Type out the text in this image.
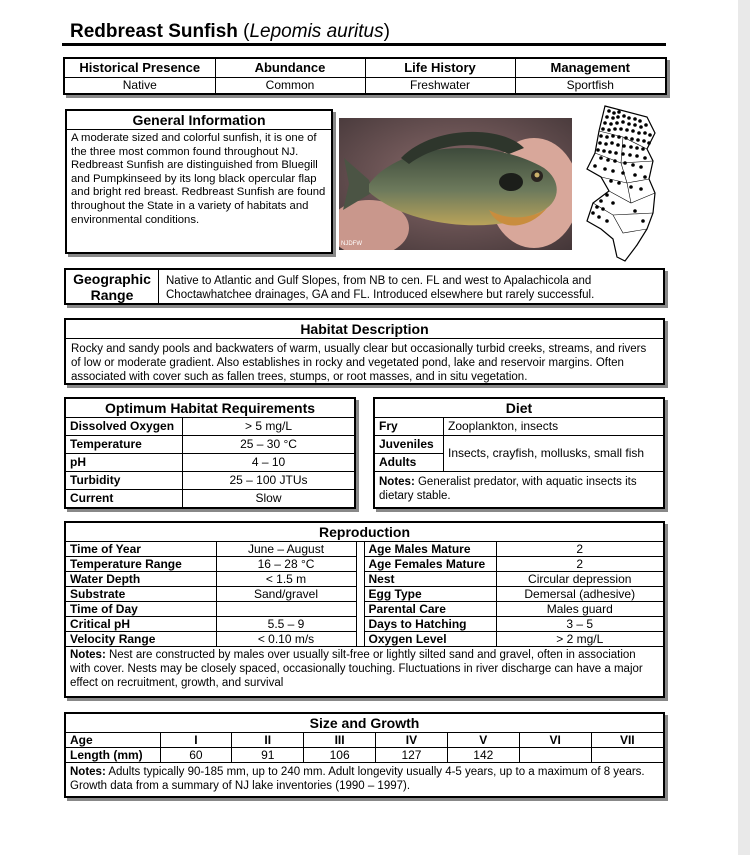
Redbreast Sunfish (Lepomis auritus)
Historical Presence	Abundance	Life History	Management
Native	Common	Freshwater	Sportfish
General Information
A moderate sized and colorful sunfish, it is one of the three most common found throughout NJ. Redbreast Sunfish are distinguished from Bluegill and Pumpkinseed by its long black opercular flap and bright red breast. Redbreast Sunfish are found throughout the State in a variety of habitats and environmental conditions.
NJDFW
Geographic
Range
Native to Atlantic and Gulf Slopes, from NB to cen. FL and west to Apalachicola and Choctawhatchee drainages, GA and FL. Introduced elsewhere but rarely successful.
Habitat Description
Rocky and sandy pools and backwaters of warm, usually clear but occasionally turbid creeks, streams, and rivers of low or moderate gradient. Also establishes in rocky and vegetated pond, lake and reservoir margins. Often associated with cover such as fallen trees, stumps, or root masses, and in situ vegetation.
Optimum Habitat Requirements
Dissolved Oxygen	> 5 mg/L
Temperature	25 – 30 °C
pH	4 – 10
Turbidity	25 – 100 JTUs
Current	Slow
Diet
Fry	Zooplankton, insects
Juveniles	Insects, crayfish, mollusks, small fish
Adults	
Notes: Generalist predator, with aquatic insects its dietary stable.
Reproduction
Time of Year	June – August		Age Males Mature	2
Temperature Range	16 – 28 °C		Age Females Mature	2
Water Depth	< 1.5 m		Nest	Circular depression
Substrate	Sand/gravel		Egg Type	Demersal (adhesive)
Time of Day			Parental Care	Males guard
Critical pH	5.5 – 9		Days to Hatching	3 – 5
Velocity Range	< 0.10 m/s		Oxygen Level	> 2 mg/L
Notes: Nest are constructed by males over usually silt-free or lightly silted sand and gravel, often in association with cover. Nests may be closely spaced, occasionally touching. Fluctuations in river discharge can have a major effect on recruitment, growth, and survival
Size and Growth
Age	I	II	III	IV	V	VI	VII
Length (mm)	60	91	106	127	142		
Notes: Adults typically 90-185 mm, up to 240 mm. Adult longevity usually 4-5 years, up to a maximum of 8 years. Growth data from a summary of NJ lake inventories (1990 – 1997).
